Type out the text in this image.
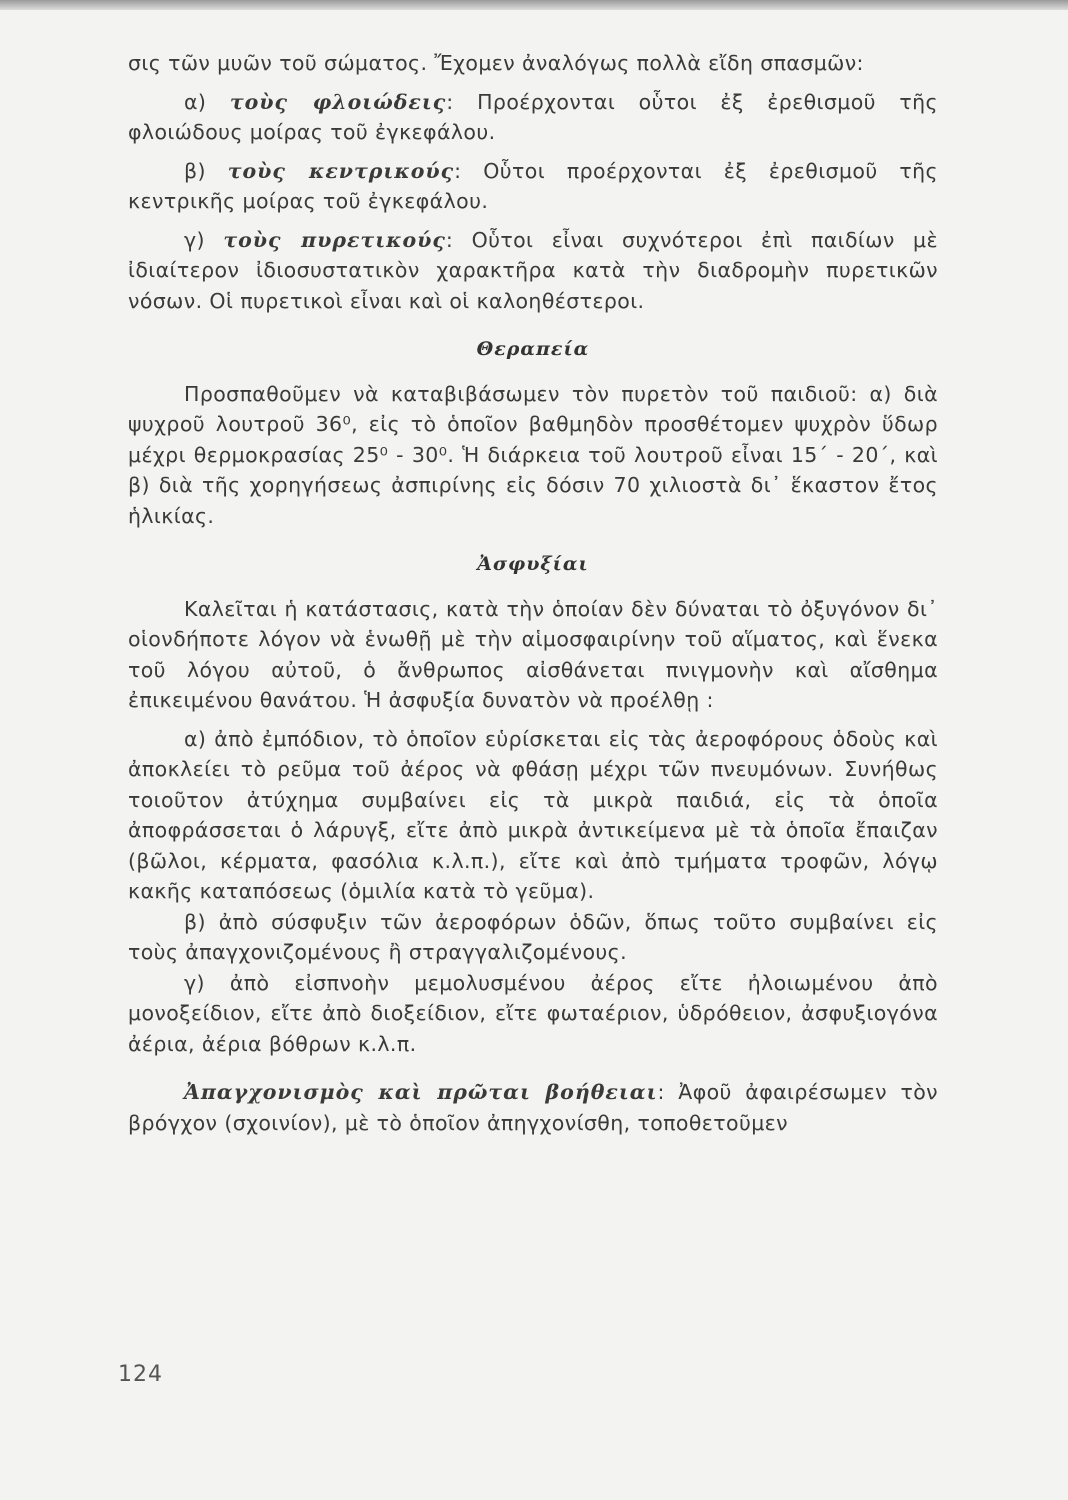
σις τῶν μυῶν τοῦ σώματος. Ἔχομεν ἀναλόγως πολλὰ εἴδη σπασμῶν:

α) τοὺς φλοιώδεις: Προέρχονται οὗτοι ἐξ ἐρεθισμοῦ τῆς φλοιώδους μοίρας τοῦ ἐγκεφάλου.

β) τοὺς κεντρικούς: Οὗτοι προέρχονται ἐξ ἐρεθισμοῦ τῆς κεντρικῆς μοίρας τοῦ ἐγκεφάλου.

γ) τοὺς πυρετικούς: Οὗτοι εἶναι συχνότεροι ἐπὶ παιδίων μὲ ἰδιαίτερον ἰδιοσυστατικὸν χαρακτῆρα κατὰ τὴν διαδρομὴν πυρετικῶν νόσων. Οἱ πυρετικοὶ εἶναι καὶ οἱ καλοηθέστεροι.

Θεραπεία

Προσπαθοῦμεν νὰ καταβιβάσωμεν τὸν πυρετὸν τοῦ παιδιοῦ: α) διὰ ψυχροῦ λουτροῦ 36⁰, εἰς τὸ ὁποῖον βαθμηδὸν προσθέτομεν ψυχρὸν ὕδωρ μέχρι θερμοκρασίας 25⁰ - 30⁰. Ἡ διάρκεια τοῦ λουτροῦ εἶναι 15΄ - 20΄, καὶ β) διὰ τῆς χορηγήσεως ἀσπιρίνης εἰς δόσιν 70 χιλιοστὰ δι᾽ ἕκαστον ἔτος ἡλικίας.

Ἀσφυξίαι

Καλεῖται ἡ κατάστασις, κατὰ τὴν ὁποίαν δὲν δύναται τὸ ὀξυγόνον δι᾽ οἱονδήποτε λόγον νὰ ἑνωθῇ μὲ τὴν αἱμοσφαιρίνην τοῦ αἵματος, καὶ ἕνεκα τοῦ λόγου αὐτοῦ, ὁ ἄνθρωπος αἰσθάνεται πνιγμονὴν καὶ αἴσθημα ἐπικειμένου θανάτου. Ἡ ἀσφυξία δυνατὸν νὰ προέλθῃ :

α) ἀπὸ ἐμπόδιον, τὸ ὁποῖον εὑρίσκεται εἰς τὰς ἀεροφόρους ὁδοὺς καὶ ἀποκλείει τὸ ρεῦμα τοῦ ἀέρος νὰ φθάσῃ μέχρι τῶν πνευμόνων. Συνήθως τοιοῦτον ἀτύχημα συμβαίνει εἰς τὰ μικρὰ παιδιά, εἰς τὰ ὁποῖα ἀποφράσσεται ὁ λάρυγξ, εἴτε ἀπὸ μικρὰ ἀντικείμενα μὲ τὰ ὁποῖα ἔπαιζαν (βῶλοι, κέρματα, φασόλια κ.λ.π.), εἴτε καὶ ἀπὸ τμήματα τροφῶν, λόγῳ κακῆς καταπόσεως (ὁμιλία κατὰ τὸ γεῦμα).

β) ἀπὸ σύσφυξιν τῶν ἀεροφόρων ὁδῶν, ὅπως τοῦτο συμβαίνει εἰς τοὺς ἀπαγχονιζομένους ἢ στραγγαλιζομένους.

γ) ἀπὸ εἰσπνοὴν μεμολυσμένου ἀέρος εἴτε ἠλοιωμένου ἀπὸ μονοξείδιον, εἴτε ἀπὸ διοξείδιον, εἴτε φωταέριον, ὑδρόθειον, ἀσφυξιογόνα ἀέρια, ἀέρια βόθρων κ.λ.π.

Ἀπαγχονισμὸς καὶ πρῶται βοήθειαι: Ἀφοῦ ἀφαιρέσωμεν τὸν βρόγχον (σχοινίον), μὲ τὸ ὁποῖον ἀπηγχονίσθη, τοποθετοῦμεν

124
